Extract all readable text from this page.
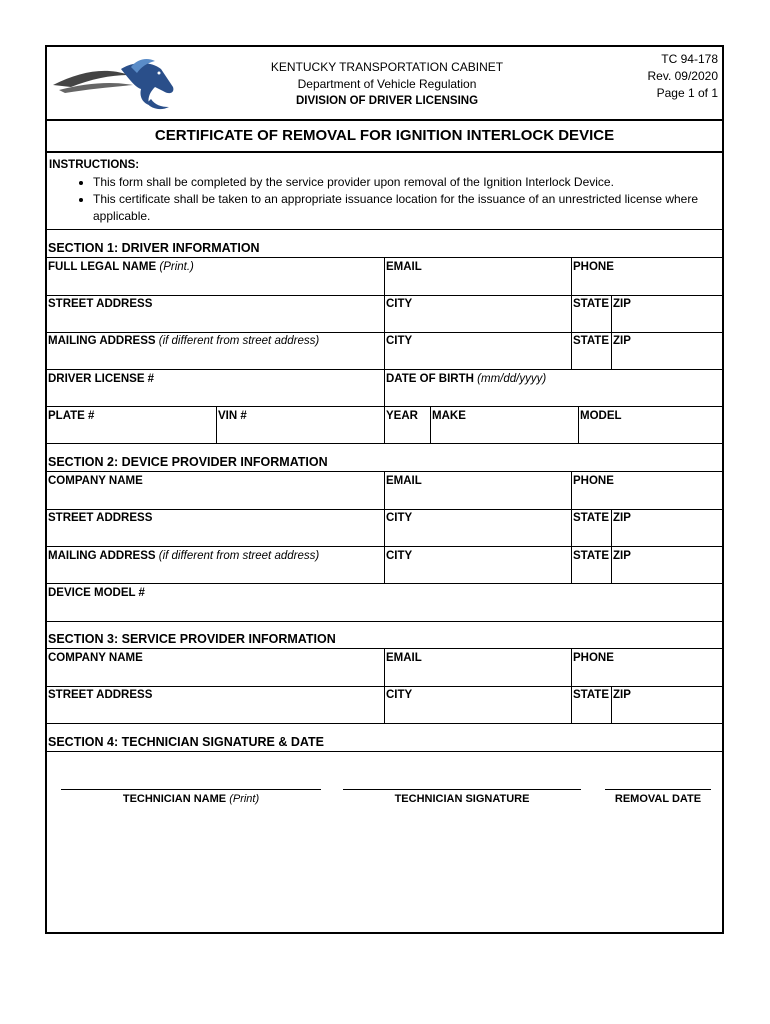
KENTUCKY TRANSPORTATION CABINET
Department of Vehicle Regulation
DIVISION OF DRIVER LICENSING
TC 94-178
Rev. 09/2020
Page 1 of 1
CERTIFICATE OF REMOVAL FOR IGNITION INTERLOCK DEVICE
INSTRUCTIONS:
• This form shall be completed by the service provider upon removal of the Ignition Interlock Device.
• This certificate shall be taken to an appropriate issuance location for the issuance of an unrestricted license where applicable.
SECTION 1: DRIVER INFORMATION
FULL LEGAL NAME (Print.)	EMAIL	PHONE
STREET ADDRESS	CITY	STATE ZIP
MAILING ADDRESS (if different from street address)	CITY	STATE ZIP
DRIVER LICENSE #	DATE OF BIRTH (mm/dd/yyyy)
PLATE #	VIN #	YEAR MAKE	MODEL
SECTION 2: DEVICE PROVIDER INFORMATION
COMPANY NAME	EMAIL	PHONE
STREET ADDRESS	CITY	STATE ZIP
MAILING ADDRESS (if different from street address)	CITY	STATE ZIP
DEVICE MODEL #
SECTION 3: SERVICE PROVIDER INFORMATION
COMPANY NAME	EMAIL	PHONE
STREET ADDRESS	CITY	STATE ZIP
SECTION 4: TECHNICIAN SIGNATURE & DATE
TECHNICIAN NAME (Print)	TECHNICIAN SIGNATURE	REMOVAL DATE
